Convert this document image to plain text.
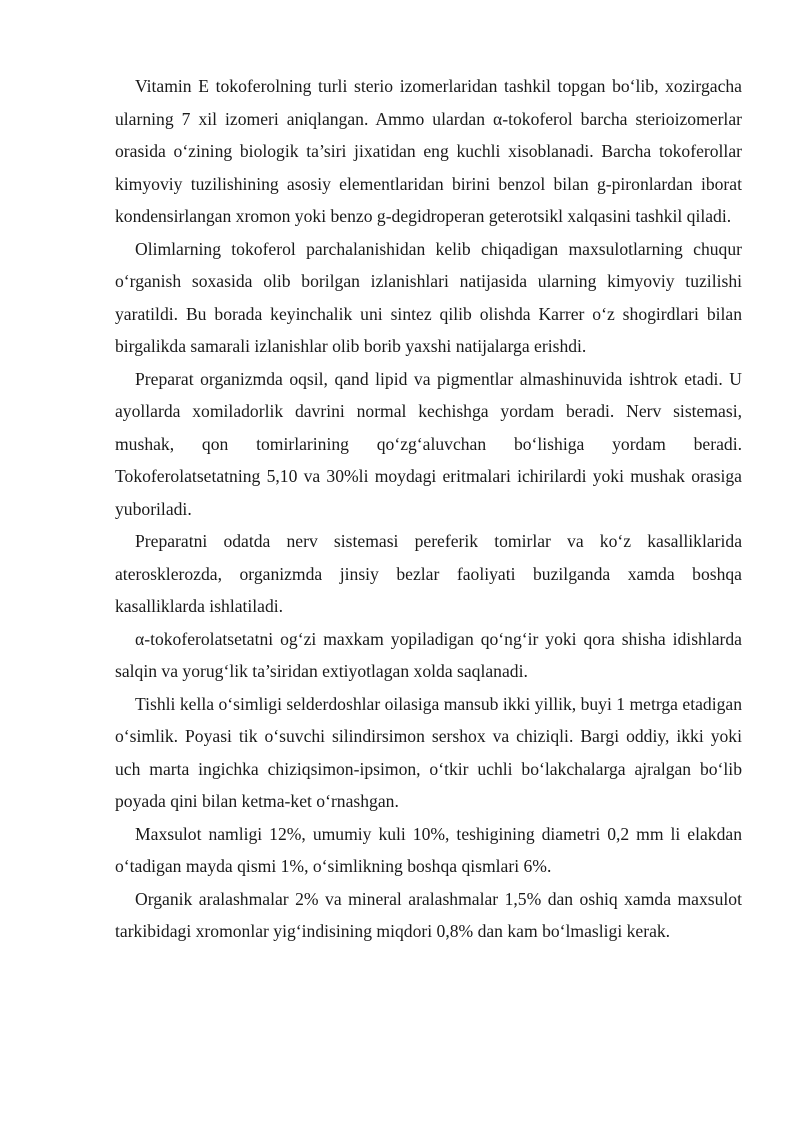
Vitamin E tokoferolning turli sterio izomerlaridan tashkil topgan bo‘lib, xozirgacha ularning 7 xil izomeri aniqlangan. Ammo ulardan α-tokoferol barcha sterioizomerlar orasida o‘zining biologik ta’siri jixatidan eng kuchli xisoblanadi. Barcha tokoferollar kimyoviy tuzilishining asosiy elementlaridan birini benzol bilan g-pironlardan iborat kondensirlangan xromon yoki benzo g-degidroperan geterotsikl xalqasini tashkil qiladi.

Olimlarning tokoferol parchalanishidan kelib chiqadigan maxsulotlarning chuqur o‘rganish soxasida olib borilgan izlanishlari natijasida ularning kimyoviy tuzilishi yaratildi. Bu borada keyinchalik uni sintez qilib olishda Karrer o‘z shogirdlari bilan birgalikda samarali izlanishlar olib borib yaxshi natijalarga erishdi.

Preparat organizmda oqsil, qand lipid va pigmentlar almashinuvida ishtrok etadi. U ayollarda xomiladorlik davrini normal kechishga yordam beradi. Nerv sistemasi, mushak, qon tomirlarining qo‘zg‘aluvchan bo‘lishiga yordam beradi. Tokoferolatsetatning 5,10 va 30%li moydagi eritmalari ichirilardi yoki mushak orasiga yuboriladi.

Preparatni odatda nerv sistemasi pereferik tomirlar va ko‘z kasalliklarida aterosklerozda, organizmda jinsiy bezlar faoliyati buzilganda xamda boshqa kasalliklarda ishlatiladi.

α-tokoferolatsetatni og‘zi maxkam yopiladigan qo‘ng‘ir yoki qora shisha idishlarda salqin va yorug‘lik ta’siridan extiyotlagan xolda saqlanadi.

Tishli kella o‘simligi selderdoshlar oilasiga mansub ikki yillik, buyi 1 metrga etadigan o‘simlik. Poyasi tik o‘suvchi silindirsimon sershox va chiziqli. Bargi oddiy, ikki yoki uch marta ingichka chiziqsimon-ipsimon, o‘tkir uchli bo‘lakchalarga ajralgan bo‘lib poyada qini bilan ketma-ket o‘rnashgan.

Maxsulot namligi 12%, umumiy kuli 10%, teshigining diametri 0,2 mm li elakdan o‘tadigan mayda qismi 1%, o‘simlikning boshqa qismlari 6%.

Organik aralashmalar 2% va mineral aralashmalar 1,5% dan oshiq xamda maxsulot tarkibidagi xromonlar yig‘indisining miqdori 0,8% dan kam bo‘lmasligi kerak.
